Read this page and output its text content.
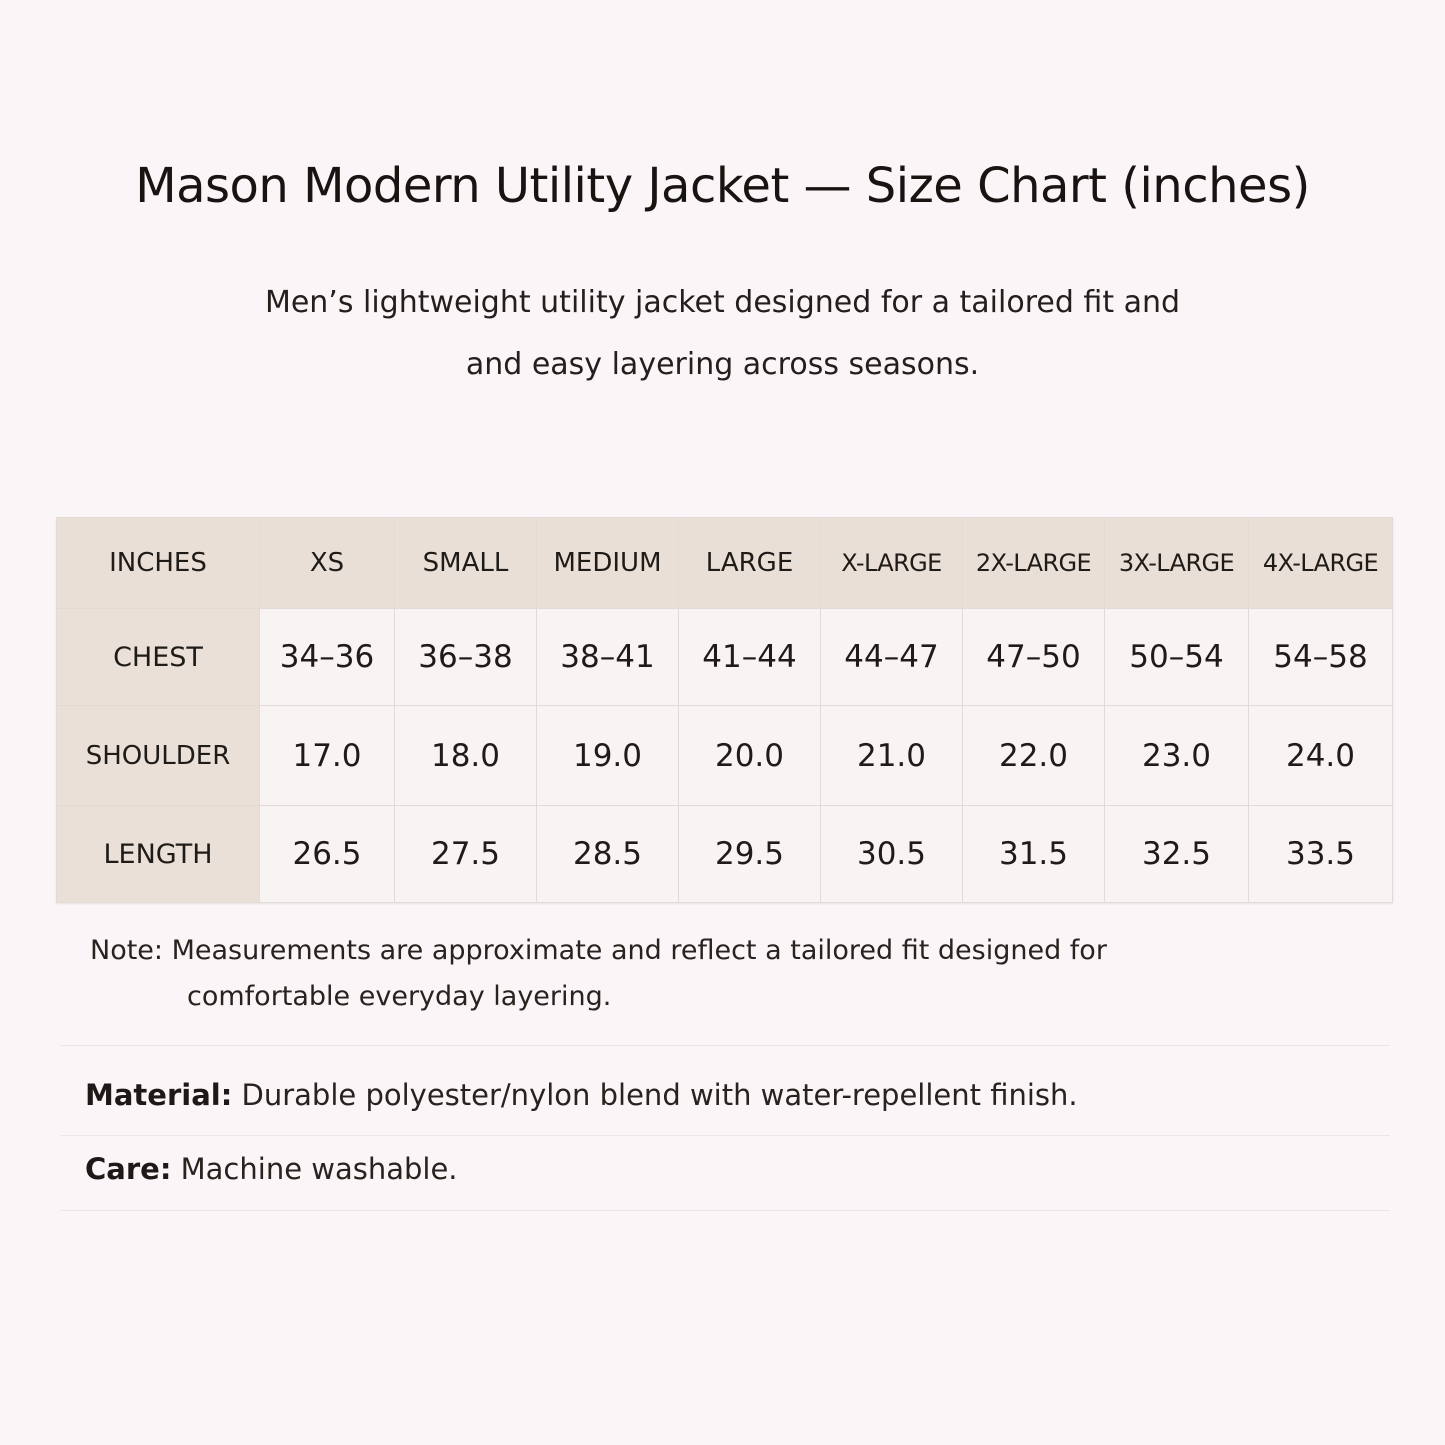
Mason Modern Utility Jacket — Size Chart (inches)

Men’s lightweight utility jacket designed for a tailored fit and
and easy layering across seasons.

INCHES	XS	SMALL	MEDIUM	LARGE	X-LARGE	2X-LARGE	3X-LARGE	4X-LARGE
CHEST	34–36	36–38	38–41	41–44	44–47	47–50	50–54	54–58
SHOULDER	17.0	18.0	19.0	20.0	21.0	22.0	23.0	24.0
LENGTH	26.5	27.5	28.5	29.5	30.5	31.5	32.5	33.5
Note: Measurements are approximate and reflect a tailored fit designed for
comfortable everyday layering.
Material: Durable polyester/nylon blend with water-repellent finish.
Care: Machine washable.
